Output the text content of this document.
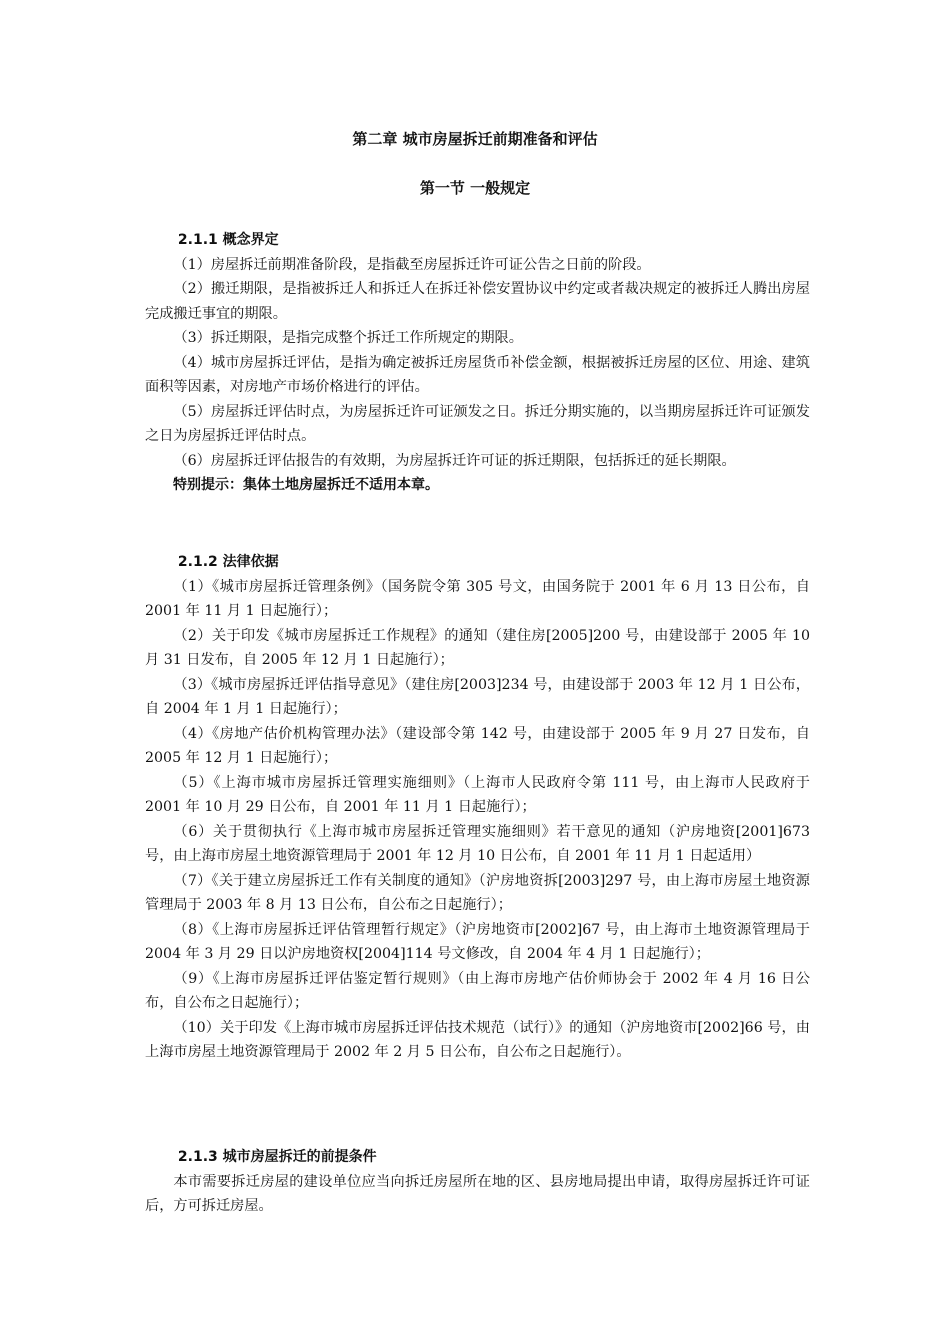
第二章 城市房屋拆迁前期准备和评估
第一节 一般规定

2.1.1 概念界定

（1）房屋拆迁前期准备阶段，是指截至房屋拆迁许可证公告之日前的阶段。

（2）搬迁期限，是指被拆迁人和拆迁人在拆迁补偿安置协议中约定或者裁决规定的被拆迁人腾出房屋完成搬迁事宜的期限。

（3）拆迁期限，是指完成整个拆迁工作所规定的期限。

（4）城市房屋拆迁评估，是指为确定被拆迁房屋货币补偿金额，根据被拆迁房屋的区位、用途、建筑面积等因素，对房地产市场价格进行的评估。

（5）房屋拆迁评估时点，为房屋拆迁许可证颁发之日。拆迁分期实施的，以当期房屋拆迁许可证颁发之日为房屋拆迁评估时点。

（6）房屋拆迁评估报告的有效期，为房屋拆迁许可证的拆迁期限，包括拆迁的延长期限。

特别提示：集体土地房屋拆迁不适用本章。

2.1.2 法律依据

（1）《城市房屋拆迁管理条例》（国务院令第 305 号文，由国务院于 2001 年 6 月 13 日公布，自 2001 年 11 月 1 日起施行）；

（2）关于印发《城市房屋拆迁工作规程》的通知（建住房[2005]200 号，由建设部于 2005 年 10 月 31 日发布，自 2005 年 12 月 1 日起施行）；

（3）《城市房屋拆迁评估指导意见》（建住房[2003]234 号，由建设部于 2003 年 12 月 1 日公布，自 2004 年 1 月 1 日起施行）；

（4）《房地产估价机构管理办法》（建设部令第 142 号，由建设部于 2005 年 9 月 27 日发布，自 2005 年 12 月 1 日起施行）；

（5）《上海市城市房屋拆迁管理实施细则》（上海市人民政府令第 111 号，由上海市人民政府于 2001 年 10 月 29 日公布，自 2001 年 11 月 1 日起施行）；

（6）关于贯彻执行《上海市城市房屋拆迁管理实施细则》若干意见的通知（沪房地资[2001]673 号，由上海市房屋土地资源管理局于 2001 年 12 月 10 日公布，自 2001 年 11 月 1 日起适用）

（7）《关于建立房屋拆迁工作有关制度的通知》（沪房地资拆[2003]297 号，由上海市房屋土地资源管理局于 2003 年 8 月 13 日公布，自公布之日起施行）；

（8）《上海市房屋拆迁评估管理暂行规定》（沪房地资市[2002]67 号，由上海市土地资源管理局于 2004 年 3 月 29 日以沪房地资权[2004]114 号文修改，自 2004 年 4 月 1 日起施行）；

（9）《上海市房屋拆迁评估鉴定暂行规则》（由上海市房地产估价师协会于 2002 年 4 月 16 日公布，自公布之日起施行）；

（10）关于印发《上海市城市房屋拆迁评估技术规范（试行）》的通知（沪房地资市[2002]66 号，由上海市房屋土地资源管理局于 2002 年 2 月 5 日公布，自公布之日起施行）。

2.1.3 城市房屋拆迁的前提条件

本市需要拆迁房屋的建设单位应当向拆迁房屋所在地的区、县房地局提出申请，取得房屋拆迁许可证后，方可拆迁房屋。
